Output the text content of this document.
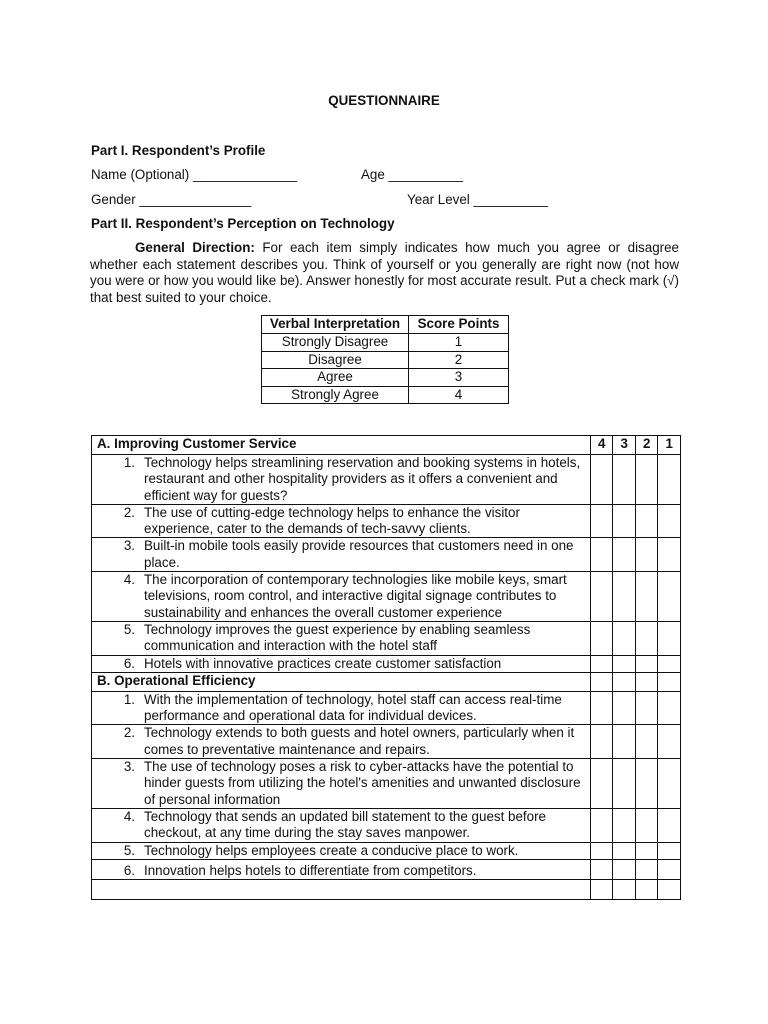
QUESTIONNAIRE
Part I. Respondent’s Profile
Name (Optional) ______________	Age __________
Gender _______________	Year Level __________
Part II. Respondent’s Perception on Technology
General Direction: For each item simply indicates how much you agree or disagree whether each statement describes you. Think of yourself or you generally are right now (not how you were or how you would like be). Answer honestly for most accurate result. Put a check mark (√) that best suited to your choice.
Verbal Interpretation	Score Points
Strongly Disagree	1
Disagree	2
Agree	3
Strongly Agree	4
A. Improving Customer Service	4	3	2	1

1. Technology helps streamlining reservation and booking systems in hotels, restaurant and other hospitality providers as it offers a convenient and efficient way for guests?				

2. The use of cutting-edge technology helps to enhance the visitor experience, cater to the demands of tech-savvy clients.				

3. Built-in mobile tools easily provide resources that customers need in one place.				

4. The incorporation of contemporary technologies like mobile keys, smart televisions, room control, and interactive digital signage contributes to sustainability and enhances the overall customer experience				

5. Technology improves the guest experience by enabling seamless communication and interaction with the hotel staff				

6. Hotels with innovative practices create customer satisfaction				

B. Operational Efficiency				

1. With the implementation of technology, hotel staff can access real-time performance and operational data for individual devices.				

2. Technology extends to both guests and hotel owners, particularly when it comes to preventative maintenance and repairs.				

3. The use of technology poses a risk to cyber-attacks have the potential to hinder guests from utilizing the hotel's amenities and unwanted disclosure of personal information				

4. Technology that sends an updated bill statement to the guest before checkout, at any time during the stay saves manpower.				

5. Technology helps employees create a conducive place to work.				

6. Innovation helps hotels to differentiate from competitors.				
